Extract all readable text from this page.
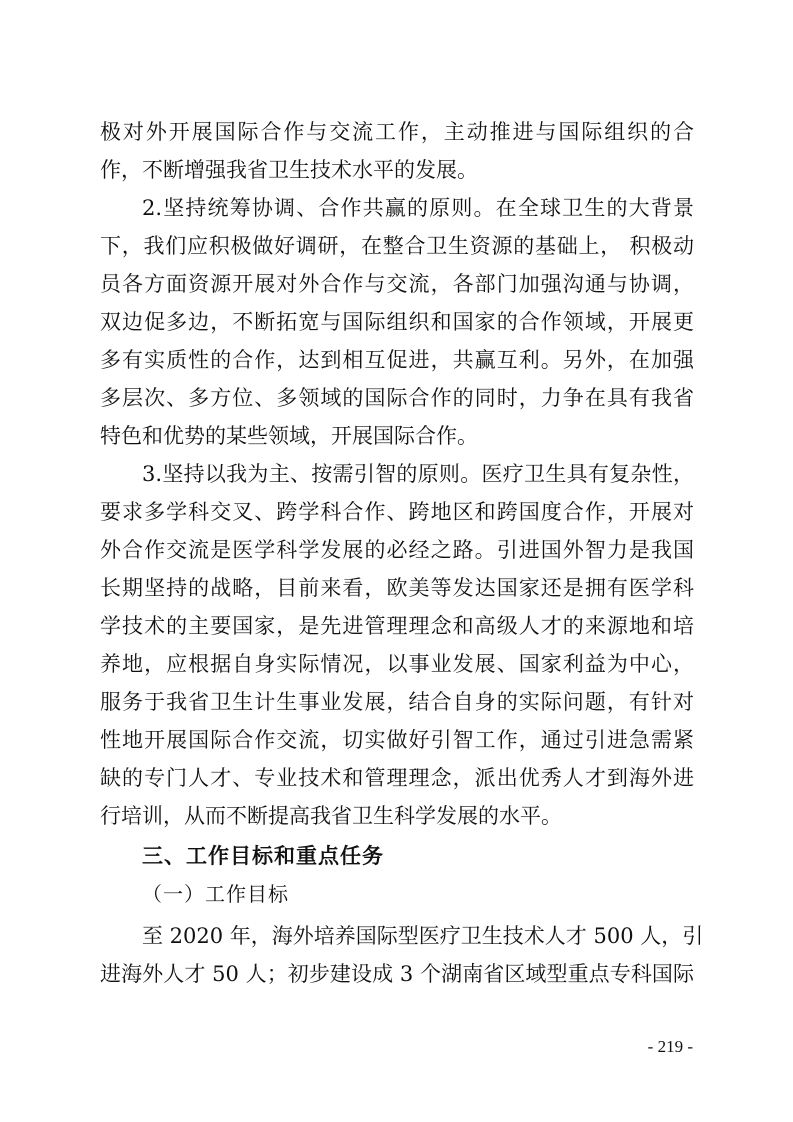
极对外开展国际合作与交流工作，主动推进与国际组织的合
作，不断增强我省卫生技术水平的发展。
2.坚持统筹协调、合作共赢的原则。在全球卫生的大背景
下，我们应积极做好调研，在整合卫生资源的基础上， 积极动
员各方面资源开展对外合作与交流，各部门加强沟通与协调，
双边促多边，不断拓宽与国际组织和国家的合作领域，开展更
多有实质性的合作，达到相互促进，共赢互利。另外，在加强
多层次、多方位、多领域的国际合作的同时，力争在具有我省
特色和优势的某些领域，开展国际合作。
3.坚持以我为主、按需引智的原则。医疗卫生具有复杂性，
要求多学科交叉、跨学科合作、跨地区和跨国度合作，开展对
外合作交流是医学科学发展的必经之路。引进国外智力是我国
长期坚持的战略，目前来看，欧美等发达国家还是拥有医学科
学技术的主要国家，是先进管理理念和高级人才的来源地和培
养地，应根据自身实际情况，以事业发展、国家利益为中心，
服务于我省卫生计生事业发展，结合自身的实际问题，有针对
性地开展国际合作交流，切实做好引智工作，通过引进急需紧
缺的专门人才、专业技术和管理理念，派出优秀人才到海外进
行培训，从而不断提高我省卫生科学发展的水平。
三、工作目标和重点任务
（一）工作目标
至 2020 年，海外培养国际型医疗卫生技术人才 500 人，引
进海外人才 50 人；初步建设成 3 个湖南省区域型重点专科国际
- 219 -
